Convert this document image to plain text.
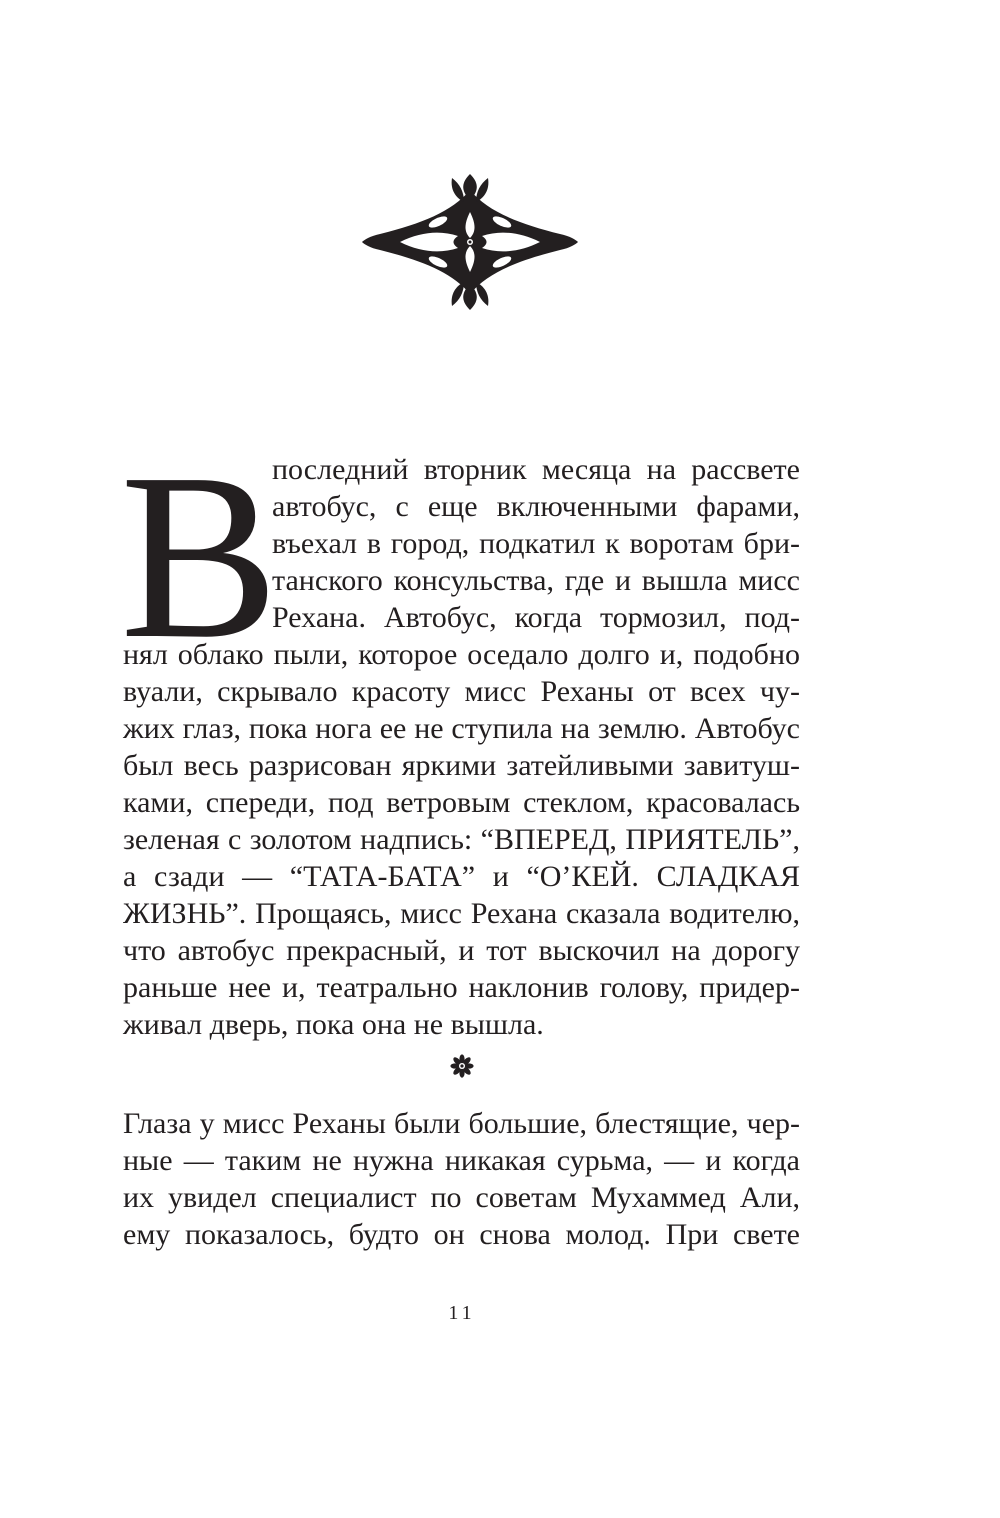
В
последний вторник месяца на рассвете
автобус, с еще включенными фарами,
въехал в город, подкатил к воротам бри-
танского консульства, где и вышла мисс
Рехана. Автобус, когда тормозил, под-
нял облако пыли, которое оседало долго и, подобно
вуали, скрывало красоту мисс Реханы от всех чу-
жих глаз, пока нога ее не ступила на землю. Автобус
был весь разрисован яркими затейливыми завитуш-
ками, спереди, под ветровым стеклом, красовалась
зеленая с золотом надпись: “ВПЕРЕД, ПРИЯТЕЛЬ”,
а сзади — “ТАТА-БАТА” и “О’КЕЙ. СЛАДКАЯ
ЖИЗНЬ”. Прощаясь, мисс Рехана сказала водителю,
что автобус прекрасный, и тот выскочил на дорогу
раньше нее и, театрально наклонив голову, придер-
живал дверь, пока она не вышла.
Глаза у мисс Реханы были большие, блестящие, чер-
ные — таким не нужна никакая сурьма, — и когда
их увидел специалист по советам Мухаммед Али,
ему показалось, будто он снова молод. При свете
11
